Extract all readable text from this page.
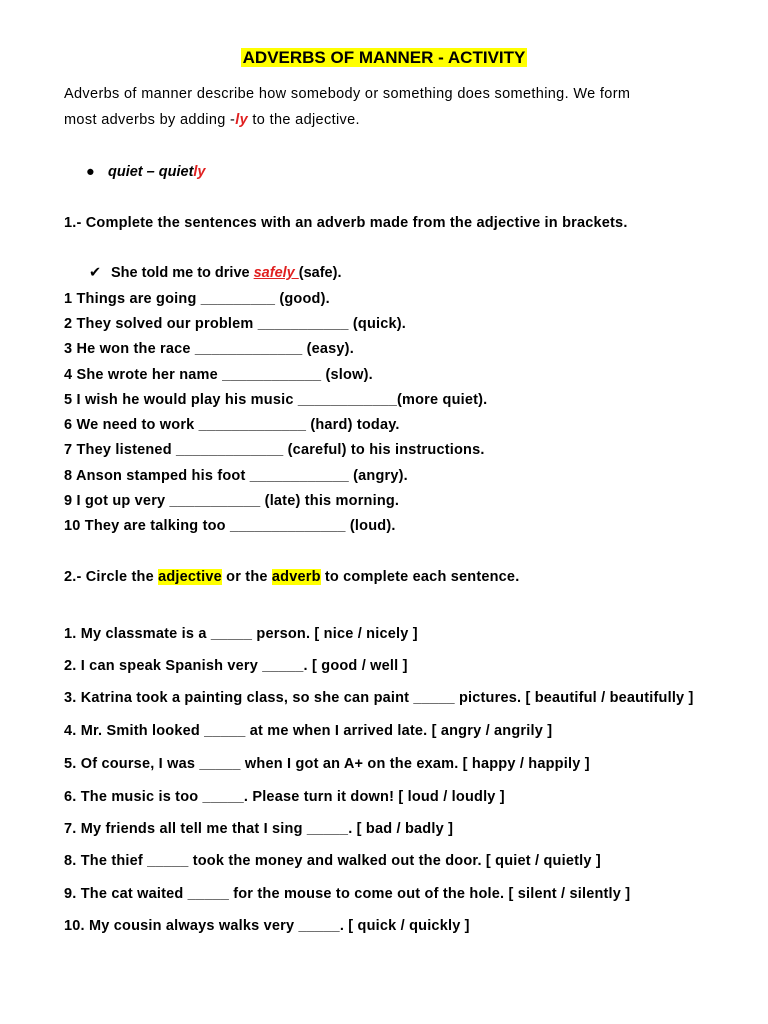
ADVERBS OF MANNER - ACTIVITY
Adverbs of manner describe how somebody or something does something. We form
most adverbs by adding -ly to the adjective.
● quiet – quietly
1.- Complete the sentences with an adverb made from the adjective in brackets.
✔ She told me to drive safely (safe).
1 Things are going _________ (good).
2 They solved our problem ___________ (quick).
3 He won the race _____________ (easy).
4 She wrote her name ____________ (slow).
5 I wish he would play his music ____________(more quiet).
6 We need to work _____________ (hard) today.
7 They listened _____________ (careful) to his instructions.
8 Anson stamped his foot ____________ (angry).
9 I got up very ___________ (late) this morning.
10 They are talking too ______________ (loud).
2.- Circle the adjective or the adverb to complete each sentence.
1. My classmate is a _____ person. [ nice / nicely ]
2. I can speak Spanish very _____. [ good / well ]
3. Katrina took a painting class, so she can paint _____ pictures. [ beautiful / beautifully ]
4. Mr. Smith looked _____ at me when I arrived late. [ angry / angrily ]
5. Of course, I was _____ when I got an A+ on the exam. [ happy / happily ]
6. The music is too _____. Please turn it down! [ loud / loudly ]
7. My friends all tell me that I sing _____. [ bad / badly ]
8. The thief _____ took the money and walked out the door. [ quiet / quietly ]
9. The cat waited _____ for the mouse to come out of the hole. [ silent / silently ]
10. My cousin always walks very _____. [ quick / quickly ]
